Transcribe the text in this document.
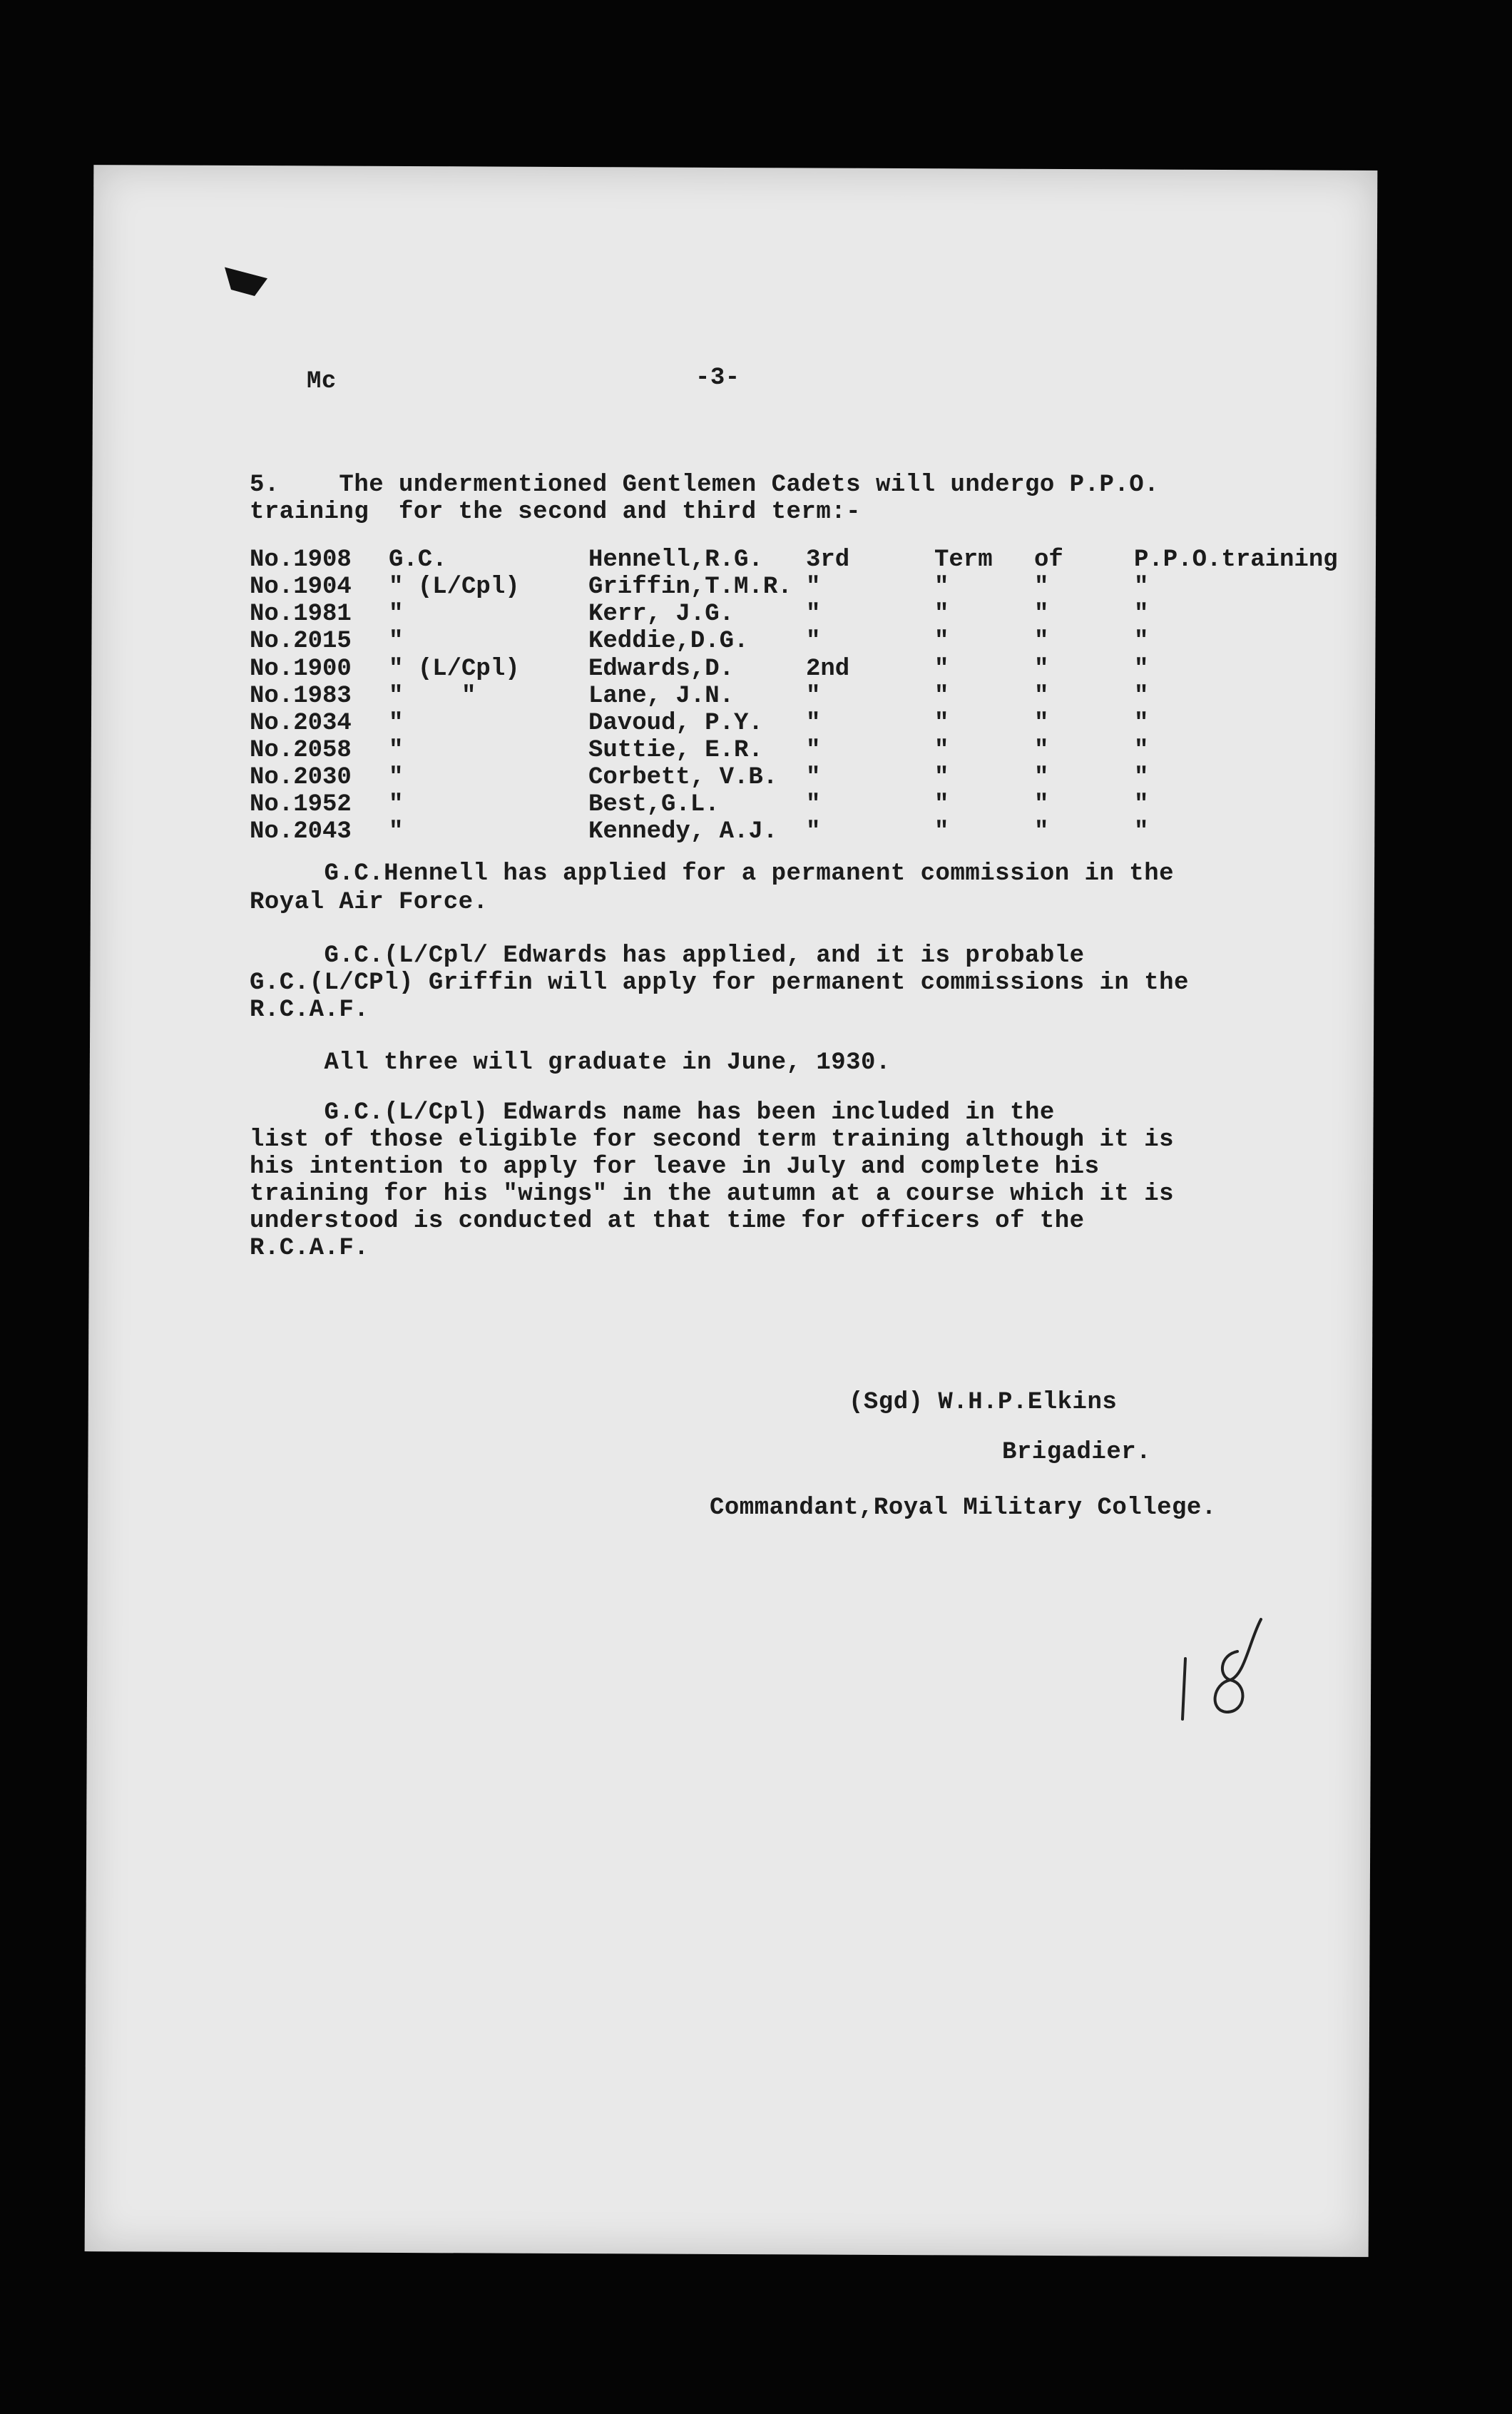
Mc	-3-
5.    The undermentioned Gentlemen Cadets will undergo P.P.O.
training  for the second and third term:-
No.1908 G.C.	Hennell,R.G. 3rd	Term of	P.P.O.training
No.1904 " (L/Cpl)	Griffin,T.M.R. "	"	"	"
No.1981 "	Kerr, J.G.	"	"	"	"
No.2015 "	Keddie,D.G. "	"	"	"
No.1900 " (L/Cpl)	Edwards,D.	2nd	"	"	"
No.1983 "    "	Lane, J.N.	"	"	"	"
No.2034 "	Davoud, P.Y. "	"	"	"
No.2058 "	Suttie, E.R. "	"	"	"
No.2030 "	Corbett, V.B. "	"	"	"
No.1952 "	Best,G.L.	"	"	"	"
No.2043 "	Kennedy, A.J. "	"	"	"
G.C.Hennell has applied for a permanent commission in the
Royal Air Force.
G.C.(L/Cpl/ Edwards has applied, and it is probable
G.C.(L/CPl) Griffin will apply for permanent commissions in the
R.C.A.F.
All three will graduate in June, 1930.
G.C.(L/Cpl) Edwards name has been included in the
list of those eligible for second term training although it is
his intention to apply for leave in July and complete his
training for his "wings" in the autumn at a course which it is
understood is conducted at that time for officers of the
R.C.A.F.
(Sgd) W.H.P.Elkins
Brigadier.
Commandant,Royal Military College.
